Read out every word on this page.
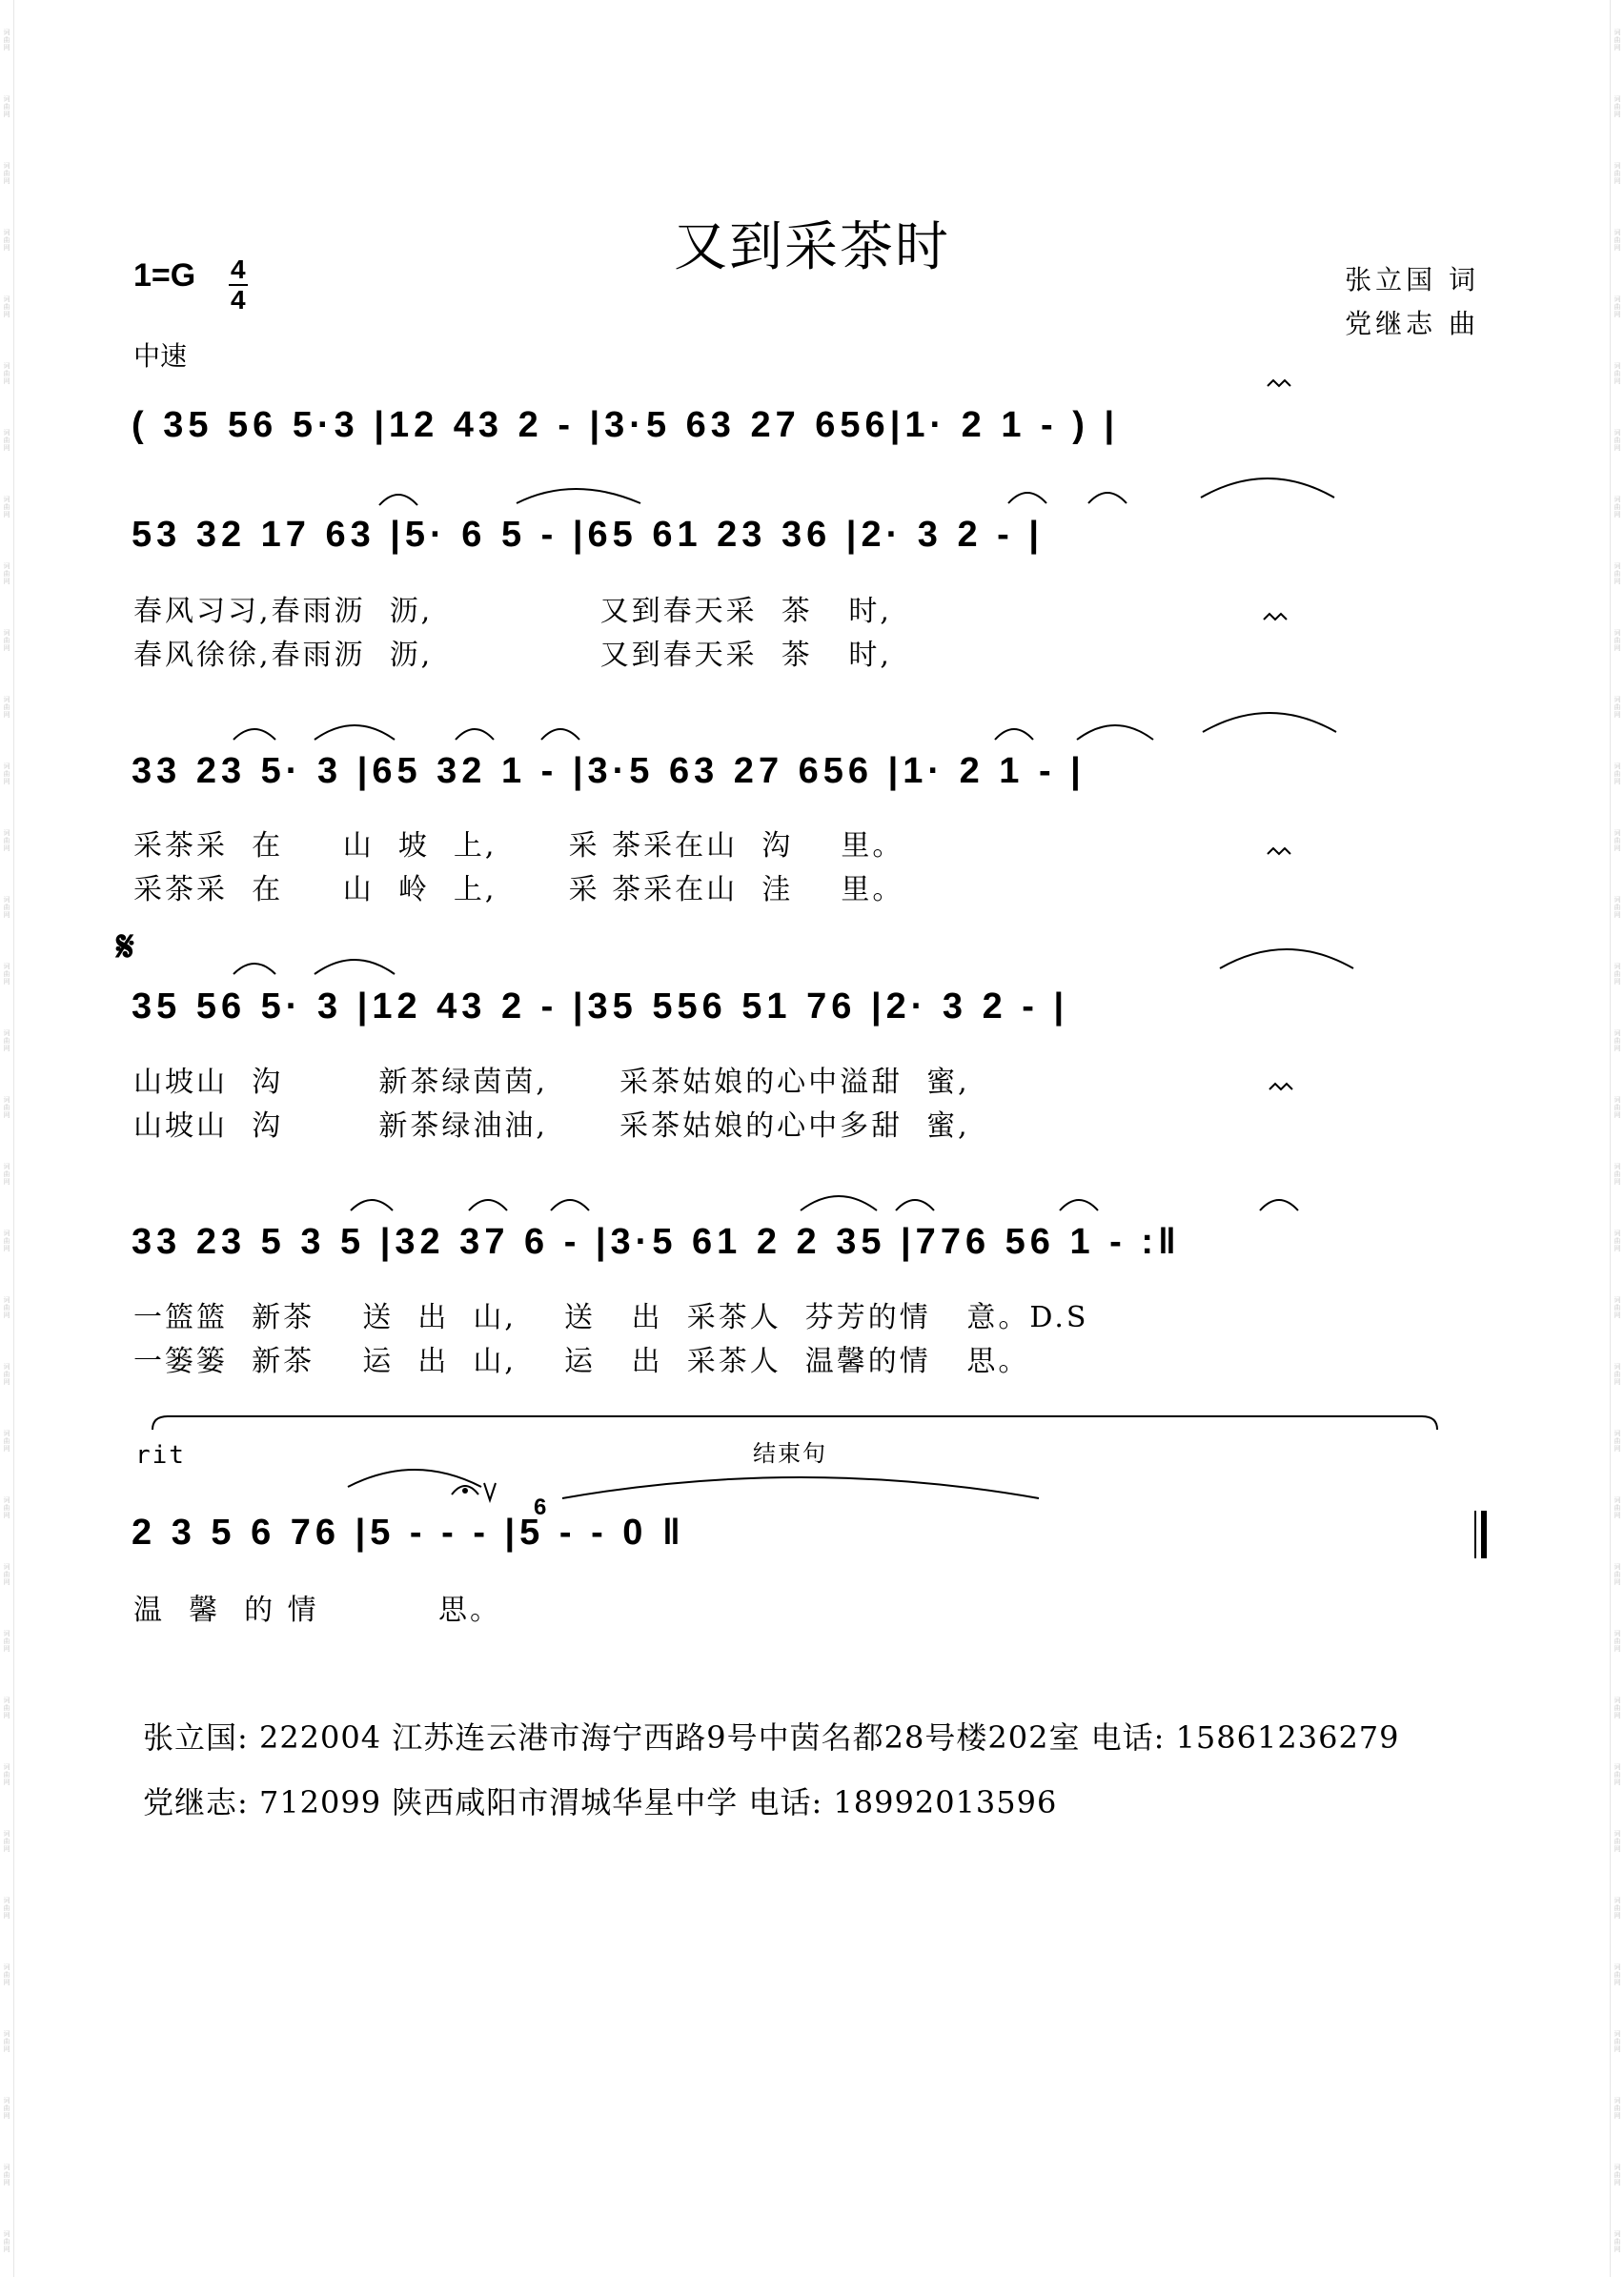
词
曲
网
词
曲
网
词
曲
网
词
曲
网
词
曲
网
词
曲
网
词
曲
网
词
曲
网
词
曲
网
词
曲
网
词
曲
网
词
曲
网
词
曲
网
词
曲
网
词
曲
网
词
曲
网
词
曲
网
词
曲
网
词
曲
网
词
曲
网
词
曲
网
词
曲
网
词
曲
网
词
曲
网
词
曲
网
词
曲
网
词
曲
网
词
曲
网
词
曲
网
词
曲
网
词
曲
网
词
曲
网
词
曲
网
词
曲
网
词
曲
网
词
曲
网
词
曲
网
词
曲
网
词
曲
网
词
曲
网
词
曲
网
词
曲
网
词
曲
网
词
曲
网
词
曲
网
词
曲
网
词
曲
网
词
曲
网
词
曲
网
词
曲
网
词
曲
网
词
曲
网
词
曲
网
词
曲
网
词
曲
网
词
曲
网
词
曲
网
词
曲
网
词
曲
网
词
曲
网
词
曲
网
词
曲
网
词
曲
网
词
曲
网
词
曲
网
词
曲
网
词
曲
网
词
曲
网
又到采茶时
$1=G \frac{4}{4}$
中速
张立国 词
党继志 曲
( 35 56 5·3 |12 43 2 - |3·5 63 27 656|1· 2 1 - ) |
53 32 17 63 |5· 6 5 - |65 61 23 36 |2· 3 2 - |
春风习习,春雨沥  沥,              又到春天采  茶   时,
春风徐徐,春雨沥  沥,              又到春天采  茶   时,
33 23 5· 3 |65 32 1 - |3·5 63 27 656 |1· 2 1 - |
采茶采  在     山  坡  上,      采 茶采在山  沟    里。
采茶采  在     山  岭  上,      采 茶采在山  洼    里。
𝄋
35 56 5· 3 |12 43 2 - |35 556 51 76 |2· 3 2 - |
山坡山  沟        新茶绿茵茵,      采茶姑娘的心中溢甜  蜜,
山坡山  沟        新茶绿油油,      采茶姑娘的心中多甜  蜜,
33 23 5 3 5 |32 37 6 - |3·5 61 2 2 35 |776 56 1 - :‖
一篮篮  新茶    送  出  山,    送   出  采茶人  芬芳的情   意。D.S
一篓篓  新茶    运  出  山,    运   出  采茶人  温馨的情   思。
rit	结束句
2 3 5 6 76 |5 - - - |5 - - 0 ‖
温  馨  的 情          思。
6
张立国: 222004 江苏连云港市海宁西路9号中茵名都28号楼202室 电话: 15861236279
党继志: 712099 陕西咸阳市渭城华星中学 电话: 18992013596
